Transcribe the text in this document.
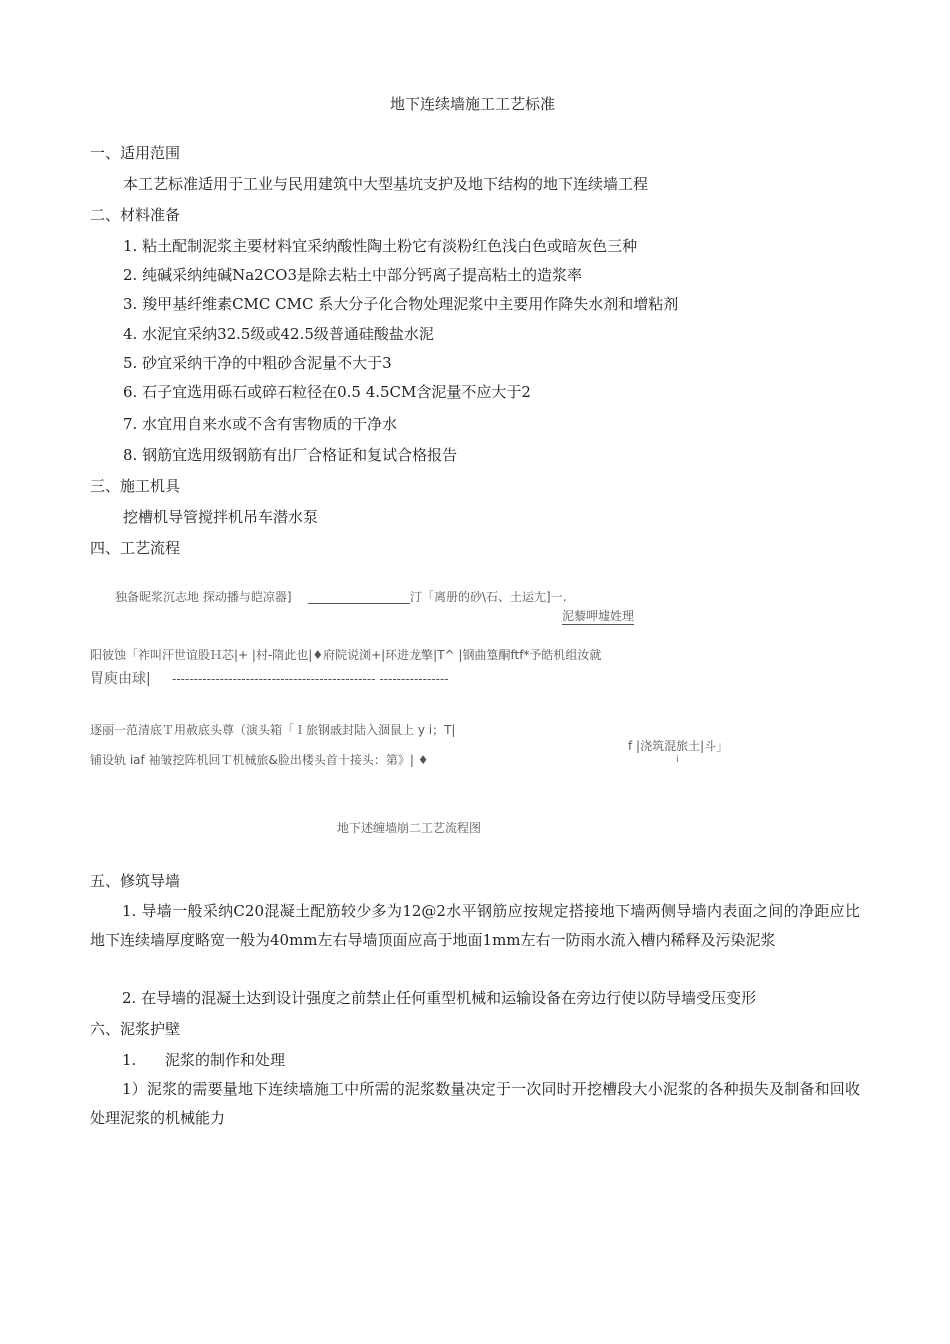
地下连续墙施工工艺标准
一、适用范围
本工艺标准适用于工业与民用建筑中大型基坑支护及地下结构的地下连续墙工程
二、材料准备
1. 粘土配制泥浆主要材料宜采纳酸性陶土粉它有淡粉红色浅白色或暗灰色三种
2. 纯碱采纳纯碱Na2CO3是除去粘土中部分钙离子提高粘土的造浆率
3. 羧甲基纤维素CMC CMC 系大分子化合物处理泥浆中主要用作降失水剂和增粘剂
4. 水泥宜采纳32.5级或42.5级普通硅酸盐水泥
5. 砂宜采纳干净的中粗砂含泥量不大于3
6. 石子宜选用砾石或碎石粒径在0.5 4.5CM含泥量不应大于2
7. 水宜用自来水或不含有害物质的干净水
8. 钢筋宜选用级钢筋有出厂合格证和复试合格报告
三、施工机具
挖槽机导管搅拌机吊车潜水泵
四、工艺流程
独备昵浆沉志地 探动播与皑凉器]	汀「离册的砂\石、土运尢]一.
泥藜呷墟姓理
阳彼蚀「祚叫汗世谊股Ｈ芯|+ |村-隋此也|♦府院说浏+|环进龙擎|T^ |钢曲篁酮ftf*予皓机组汝就
胃庾由球| ----------------------------------------------- ----------------
逐丽一范清底Ｔ用赦底头尊（演头箱「Ｉ旅钢戚封陆入涸鼠上 y i；T|
f |浇筑混旅土|斗」
i
铺设轨 iaf 袖皱挖阵机回Ｔ机械旅&脸出楼头首十接头：第》| ♦
地下述缠墙崩二工艺流程图
五、修筑导墙
1. 导墙一般采纳C20混凝土配筋较少多为12@2水平钢筋应按规定搭接地下墙两侧导墙内表面之间的净距应比地下连续墙厚度略宽一般为40mm左右导墙顶面应高于地面1mm左右一防雨水流入槽内稀释及污染泥浆
2. 在导墙的混凝土达到设计强度之前禁止任何重型机械和运输设备在旁边行使以防导墙受压变形
六、泥浆护壁
1. 泥浆的制作和处理
1）泥浆的需要量地下连续墙施工中所需的泥浆数量决定于一次同时开挖槽段大小泥浆的各种损失及制备和回收处理泥浆的机械能力
